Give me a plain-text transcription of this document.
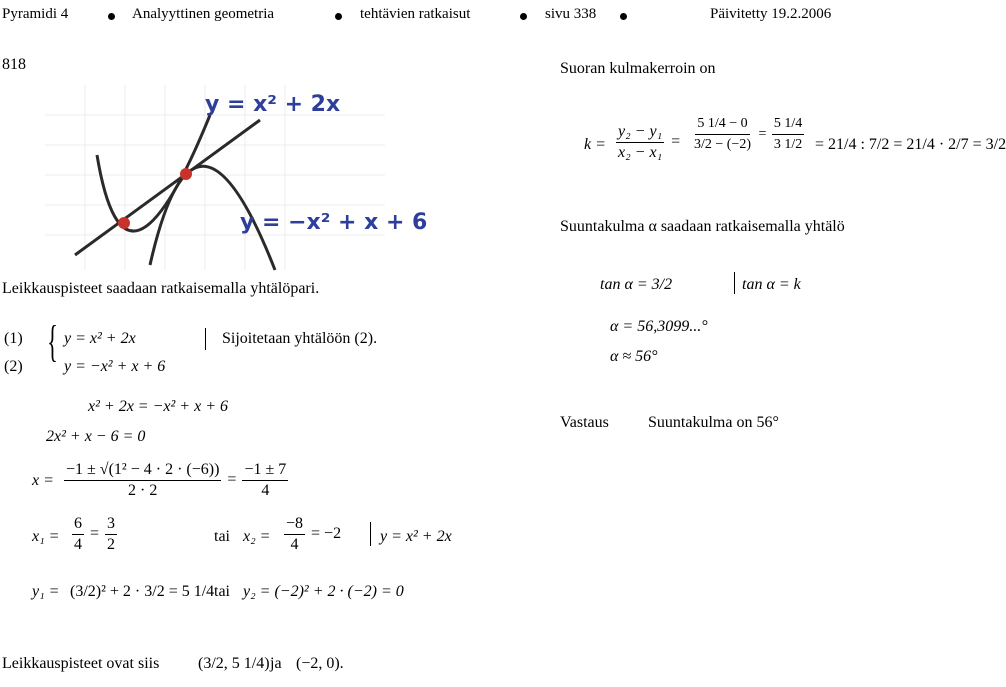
Pyramidi 4	Analyyttinen geometria	tehtävien ratkaisut	sivu 338	Päivitetty 19.2.2006
818
y = x² + 2x
y = −x² + x + 6
Leikkauspisteet saadaan ratkaisemalla yhtälöpari.
(1)
(2)
{ y = x² + 2x
y = −x² + x + 6
Sijoitetaan yhtälöön (2).
x² + 2x = −x² + x + 6
2x² + x − 6 = 0
$x = \frac{\text{−1 ± √(1² − 4 · 2 · (−6))}}{2 \cdot 2} = \frac{-1 \pm 7}{4}$
$x_1 = \frac{6}{4} = \frac{3}{2}$	tai $x_2 = \frac{-8}{4} = -2$ y = x² + 2x
y₁ = (3/2)² + 2 · 3/2 = 5 1/4 tai y₂ = (−2)² + 2 · (−2) = 0
Leikkauspisteet ovat siis (3/2, 5 1/4) ja (−2, 0).
Suoran kulmakerroin on
$k = \frac{\text{y₂ − y₁}}{\text{x₂ − x₁}} = \frac{5 1/4 - 0}{3/2 - (-2)} = \frac{5 1/4}{3 1/2} = 21/4$ : 7/2 = 21/4 · 2/7 = 3/2
Suuntakulma α saadaan ratkaisemalla yhtälö
tan α = 3/2	tan α = k
α = 56,3099...°
α ≈ 56°
Vastaus Suuntakulma on 56°
